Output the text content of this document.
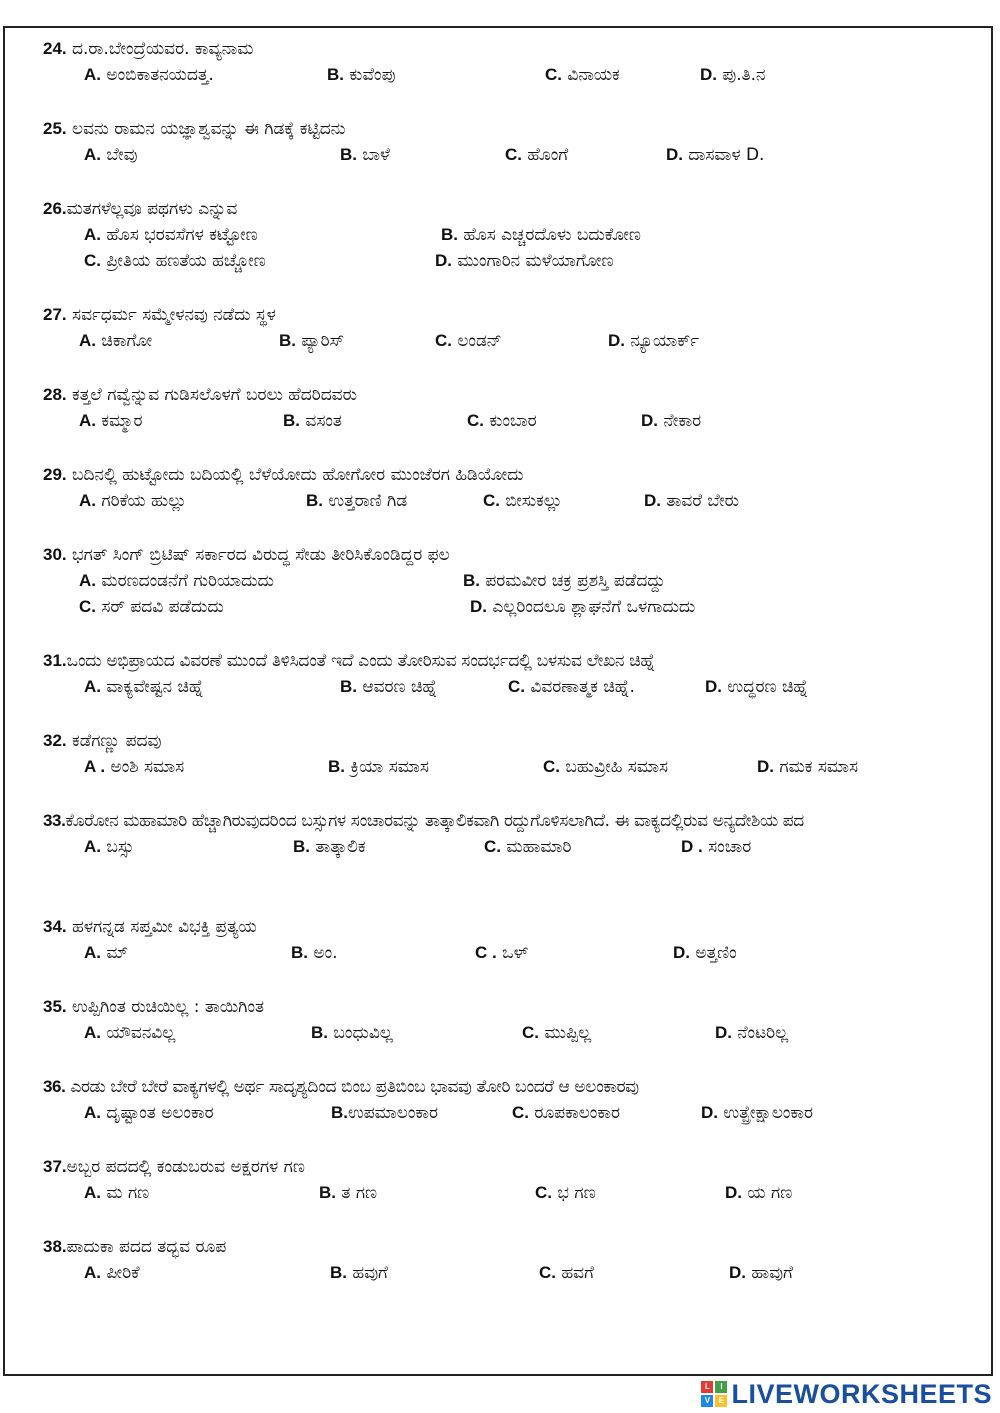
24. ದ.ರಾ.ಬೇಂದ್ರೆಯವರ. ಕಾವ್ಯನಾಮ
A. ಅಂಬಿಕಾತನಯದತ್ತ.	B. ಕುವೆಂಪು	C. ವಿನಾಯಕ	D. ಪು.ತಿ.ನ
25. ಲವನು ರಾಮನ ಯಜ್ಞಾಶ್ವವನ್ನು ಈ ಗಿಡಕ್ಕೆ ಕಟ್ಟಿದನು
A. ಬೇವು	B. ಬಾಳೆ	C. ಹೊಂಗೆ	D. ದಾಸವಾಳ D.
26.ಮತಗಳೆಲ್ಲವೂ ಪಥಗಳು ಎನ್ನುವ
A. ಹೊಸ ಭರವಸೆಗಳ ಕಟ್ಟೋಣ	B. ಹೊಸ ಎಚ್ಚರದೊಳು ಬದುಕೋಣ
C. ಪ್ರೀತಿಯ ಹಣತೆಯ ಹಚ್ಚೋಣ	D. ಮುಂಗಾರಿನ ಮಳೆಯಾಗೋಣ
27. ಸರ್ವಧರ್ಮ ಸಮ್ಮೇಳನವು ನಡೆದು ಸ್ಥಳ
A. ಚಿಕಾಗೋ	B. ಪ್ಯಾರಿಸ್	C. ಲಂಡನ್	D. ನ್ಯೂಯಾರ್ಕ್
28. ಕತ್ತಲೆ ಗವ್ವೆನ್ನುವ ಗುಡಿಸಲೊಳಗೆ ಬರಲು ಹೆದರಿದವರು
A. ಕಮ್ಮಾರ	B. ವಸಂತ	C. ಕುಂಬಾರ	D. ನೇಕಾರ
29. ಬದಿನಲ್ಲಿ ಹುಟ್ಟೋದು ಬದಿಯಲ್ಲಿ ಬೆಳೆಯೋದು ಹೋಗೋರ ಮುಂಜೆರಗ ಹಿಡಿಯೋದು
A. ಗರಿಕೆಯ ಹುಲ್ಲು	B. ಉತ್ತರಾಣಿ ಗಿಡ	C. ಬೀಸುಕಲ್ಲು	D. ತಾವರೆ ಬೇರು
30. ಭಗತ್ ಸಿಂಗ್ ಬ್ರಿಟಿಷ್ ಸರ್ಕಾರದ ವಿರುದ್ಧ ಸೇಡು ತೀರಿಸಿಕೊಂಡಿದ್ದರ ಫಲ
A. ಮರಣದಂಡನೆಗೆ ಗುರಿಯಾದುದು	B. ಪರಮವೀರ ಚಕ್ರ ಪ್ರಶಸ್ತಿ ಪಡೆದದ್ದು
C. ಸರ್ ಪದವಿ ಪಡೆದುದು	D. ಎಲ್ಲರಿಂದಲೂ ಶ್ಲಾಘನೆಗೆ ಒಳಗಾದುದು
31.ಒಂದು ಅಭಿಪ್ರಾಯದ ವಿವರಣೆ ಮುಂದೆ ತಿಳಿಸಿದಂತೆ ಇದೆ ಎಂದು ತೋರಿಸುವ ಸಂದರ್ಭದಲ್ಲಿ ಬಳಸುವ ಲೇಖನ ಚಿಹ್ನೆ
A. ವಾಕ್ಯವೇಷ್ಟನ ಚಿಹ್ನೆ	B. ಆವರಣ ಚಿಹ್ನೆ	C. ವಿವರಣಾತ್ಮಕ ಚಿಹ್ನೆ.	D. ಉದ್ಧರಣ ಚಿಹ್ನೆ
32. ಕಡೆಗಣ್ಣು ಪದವು
A . ಅಂಶಿ ಸಮಾಸ	B. ಕ್ರಿಯಾ ಸಮಾಸ	C. ಬಹುವ್ರೀಹಿ ಸಮಾಸ	D. ಗಮಕ ಸಮಾಸ
33.ಕೊರೋನ ಮಹಾಮಾರಿ ಹೆಚ್ಚಾಗಿರುವುದರಿಂದ ಬಸ್ಸುಗಳ ಸಂಚಾರವನ್ನು ತಾತ್ಕಾಲಿಕವಾಗಿ ರದ್ದುಗೊಳಿಸಲಾಗಿದೆ. ಈ ವಾಕ್ಯದಲ್ಲಿರುವ ಅನ್ಯದೇಶಿಯ ಪದ
A. ಬಸ್ಸು	B. ತಾತ್ಕಾಲಿಕ	C. ಮಹಾಮಾರಿ	D . ಸಂಚಾರ
34. ಹಳಗನ್ನಡ ಸಪ್ತಮೀ ವಿಭಕ್ತಿ ಪ್ರತ್ಯಯ
A. ಮ್	B. ಅಂ.	C . ಒಳ್	D. ಅತ್ತಣಿಂ
35. ಉಪ್ಪಿಗಿಂತ ರುಚಿಯಿಲ್ಲ : ತಾಯಿಗಿಂತ
A. ಯೌವನವಿಲ್ಲ	B. ಬಂಧುವಿಲ್ಲ	C. ಮುಪ್ಪಿಲ್ಲ	D. ನೆಂಟರಿಲ್ಲ
36. ಎರಡು ಬೇರೆ ಬೇರೆ ವಾಕ್ಯಗಳಲ್ಲಿ ಅರ್ಥ ಸಾದೃಶ್ಯದಿಂದ ಬಿಂಬ ಪ್ರತಿಬಿಂಬ ಭಾವವು ತೋರಿ ಬಂದರೆ ಆ ಅಲಂಕಾರವು
A. ದೃಷ್ಟಾಂತ ಅಲಂಕಾರ	B.ಉಪಮಾಲಂಕಾರ	C. ರೂಪಕಾಲಂಕಾರ	D. ಉತ್ಪ್ರೇಕ್ಷಾಲಂಕಾರ
37.ಅಬ್ಬರ ಪದದಲ್ಲಿ ಕಂಡುಬರುವ ಅಕ್ಷರಗಳ ಗಣ
A. ಮ ಗಣ	B. ತ ಗಣ	C. ಭ ಗಣ	D. ಯ ಗಣ
38.ಪಾದುಕಾ ಪದದ ತದ್ಭವ ರೂಪ
A. ಪೀರಿಕೆ	B. ಹವುಗೆ	C. ಹವಗೆ	D. ಹಾವುಗೆ
L	I
V	E LIVEWORKSHEETS
